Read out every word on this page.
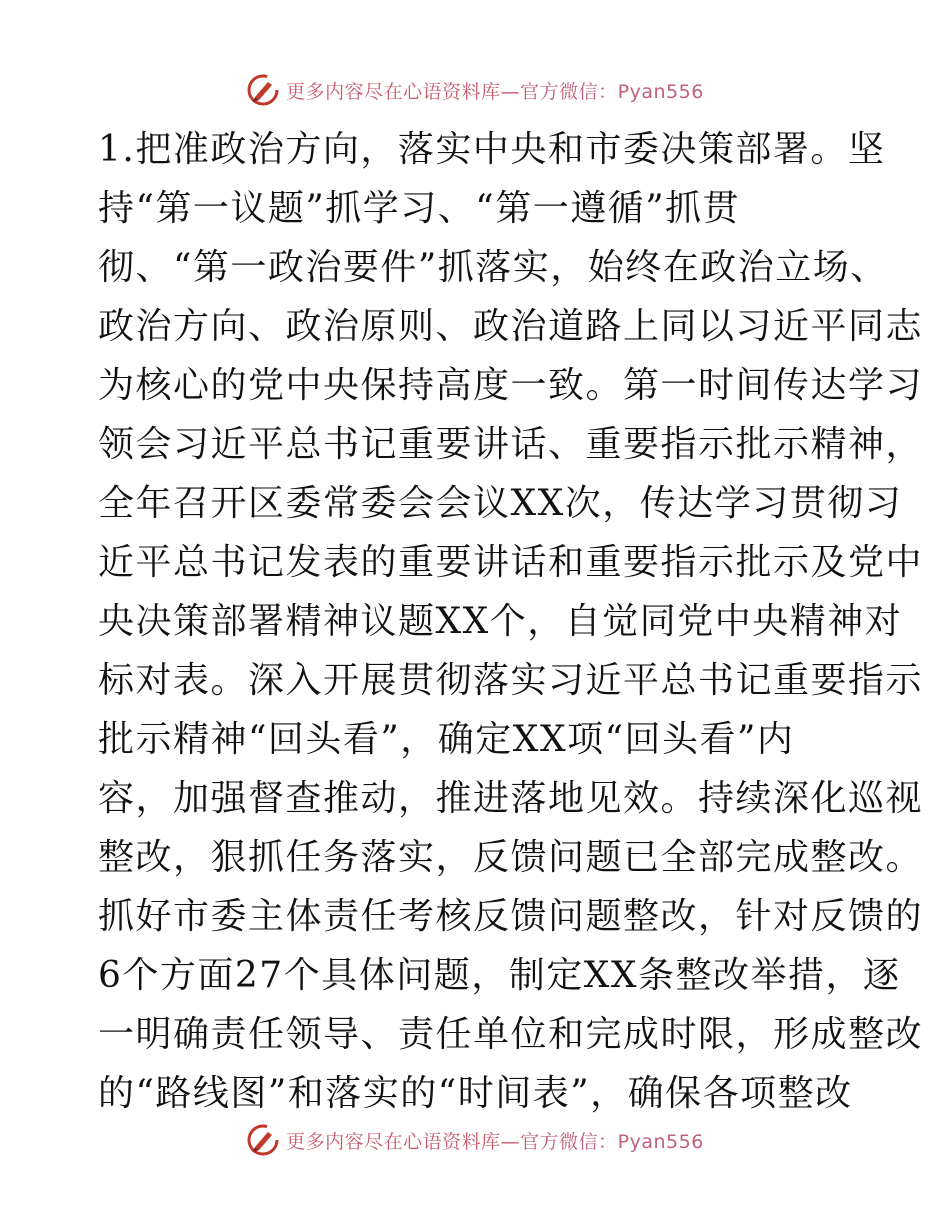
更多内容尽在心语资料库—官方微信：Pyan556
1.把准政治方向，落实中央和市委决策部署。坚
持“第一议题”抓学习、“第一遵循”抓贯
彻、“第一政治要件”抓落实，始终在政治立场、
政治方向、政治原则、政治道路上同以习近平同志
为核心的党中央保持高度一致。第一时间传达学习
领会习近平总书记重要讲话、重要指示批示精神，
全年召开区委常委会会议XX次，传达学习贯彻习
近平总书记发表的重要讲话和重要指示批示及党中
央决策部署精神议题XX个，自觉同党中央精神对
标对表。深入开展贯彻落实习近平总书记重要指示
批示精神“回头看”，确定XX项“回头看”内
容，加强督查推动，推进落地见效。持续深化巡视
整改，狠抓任务落实，反馈问题已全部完成整改。
抓好市委主体责任考核反馈问题整改，针对反馈的
6个方面27个具体问题，制定XX条整改举措，逐
一明确责任领导、责任单位和完成时限，形成整改
的“路线图”和落实的“时间表”，确保各项整改
更多内容尽在心语资料库—官方微信：Pyan556
